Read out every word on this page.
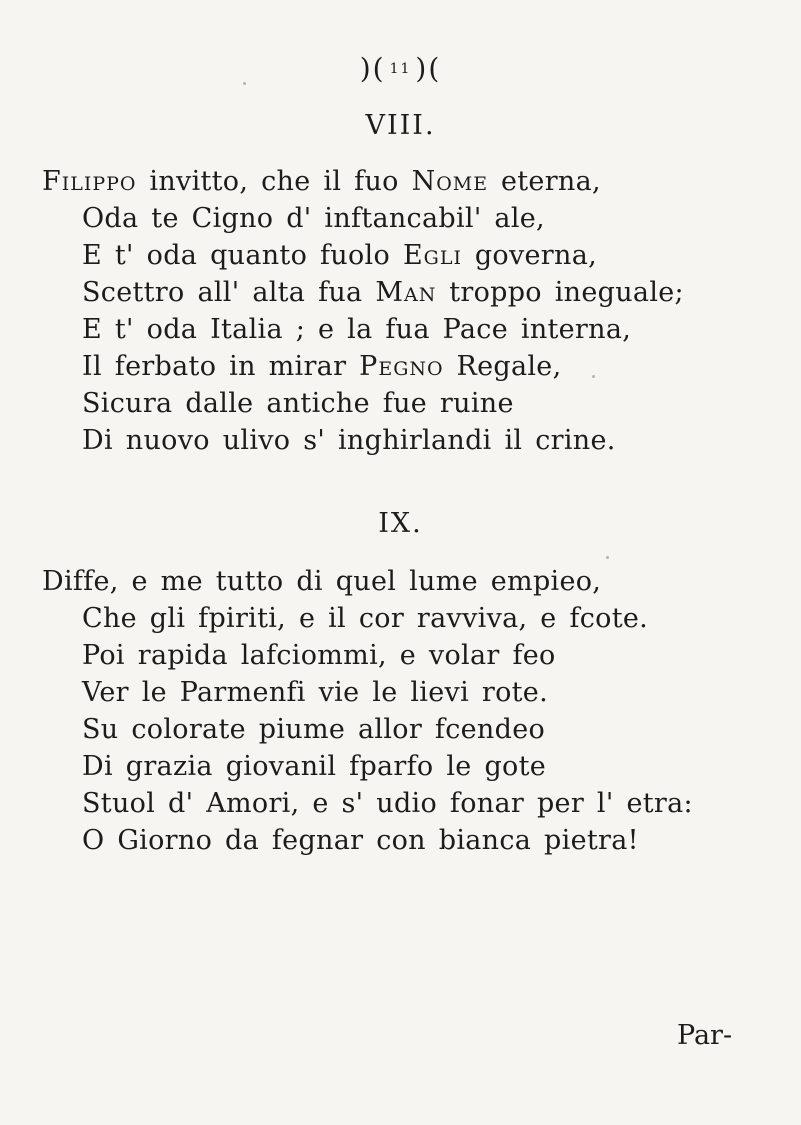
)( 11 )(
VIII.
Filippo invitto, che il fuo Nome eterna,
Oda te Cigno d' inftancabil' ale,
E t' oda quanto fuolo Egli governa,
Scettro all' alta fua Man troppo ineguale;
E t' oda Italia ; e la fua Pace interna,
Il ferbato in mirar Pegno Regale,
Sicura dalle antiche fue ruine
Di nuovo ulivo s' inghirlandi il crine.
IX.
Diffe, e me tutto di quel lume empieo,
Che gli fpiriti, e il cor ravviva, e fcote.
Poi rapida lafciommi, e volar feo
Ver le Parmenfi vie le lievi rote.
Su colorate piume allor fcendeo
Di grazia giovanil fparfo le gote
Stuol d' Amori, e s' udio fonar per l' etra:
O Giorno da fegnar con bianca pietra!
Par-
